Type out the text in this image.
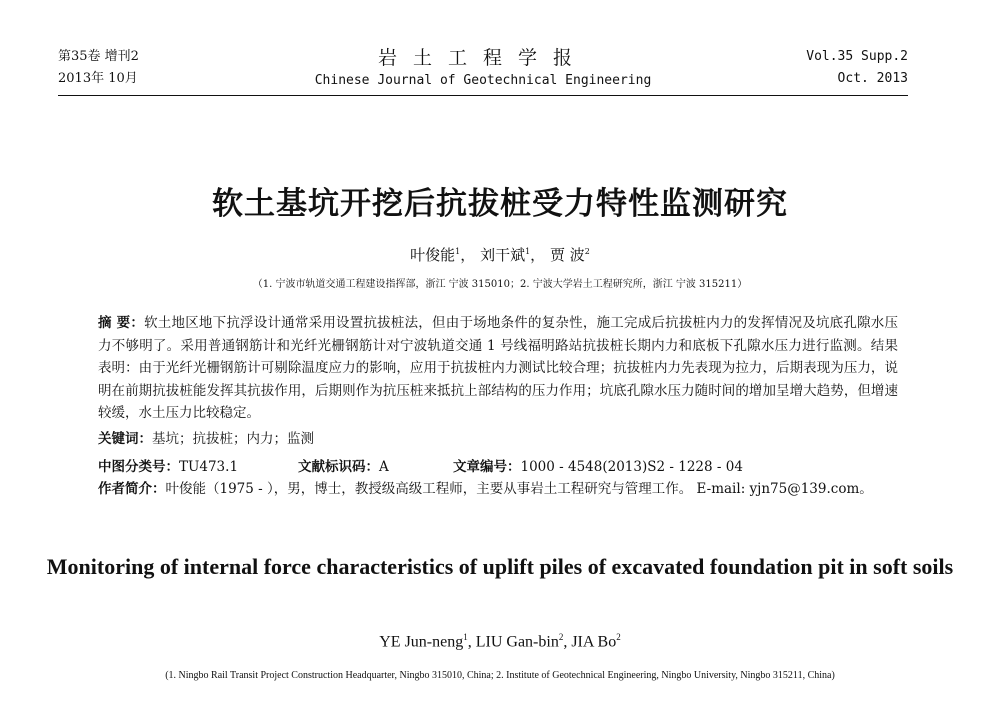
第35卷 增刊2
2013年 10月
岩土工程学报
Chinese Journal of Geotechnical Engineering
Vol.35 Supp.2
Oct. 2013
软土基坑开挖后抗拔桩受力特性监测研究
叶俊能$^1$， 刘干斌$^1$， 贾 波$^2$
（1. 宁波市轨道交通工程建设指挥部，浙江 宁波 315010；2. 宁波大学岩土工程研究所，浙江 宁波 315211）
摘 要：软土地区地下抗浮设计通常采用设置抗拔桩法，但由于场地条件的复杂性，施工完成后抗拔桩内力的发挥情况及坑底孔隙水压力不够明了。采用普通钢筋计和光纤光栅钢筋计对宁波轨道交通 1 号线福明路站抗拔桩长期内力和底板下孔隙水压力进行监测。结果表明：由于光纤光栅钢筋计可剔除温度应力的影响，应用于抗拔桩内力测试比较合理；抗拔桩内力先表现为拉力，后期表现为压力，说明在前期抗拔桩能发挥其抗拔作用，后期则作为抗压桩来抵抗上部结构的压力作用；坑底孔隙水压力随时间的增加呈增大趋势，但增速较缓，水土压力比较稳定。
关键词：基坑；抗拔桩；内力；监测
中图分类号：TU473.1	文献标识码：A	文章编号：1000 - 4548(2013)S2 - 1228 - 04
作者简介：叶俊能（1975 - ），男，博士，教授级高级工程师，主要从事岩土工程研究与管理工作。 E-mail: yjn75@139.com。
Monitoring of internal force characteristics of uplift piles of excavated foundation pit in soft soils
YE Jun-neng$^1$, LIU Gan-bin$^2$, JIA Bo$^2$
(1. Ningbo Rail Transit Project Construction Headquarter, Ningbo 315010, China; 2. Institute of Geotechnical Engineering, Ningbo University, Ningbo 315211, China)
